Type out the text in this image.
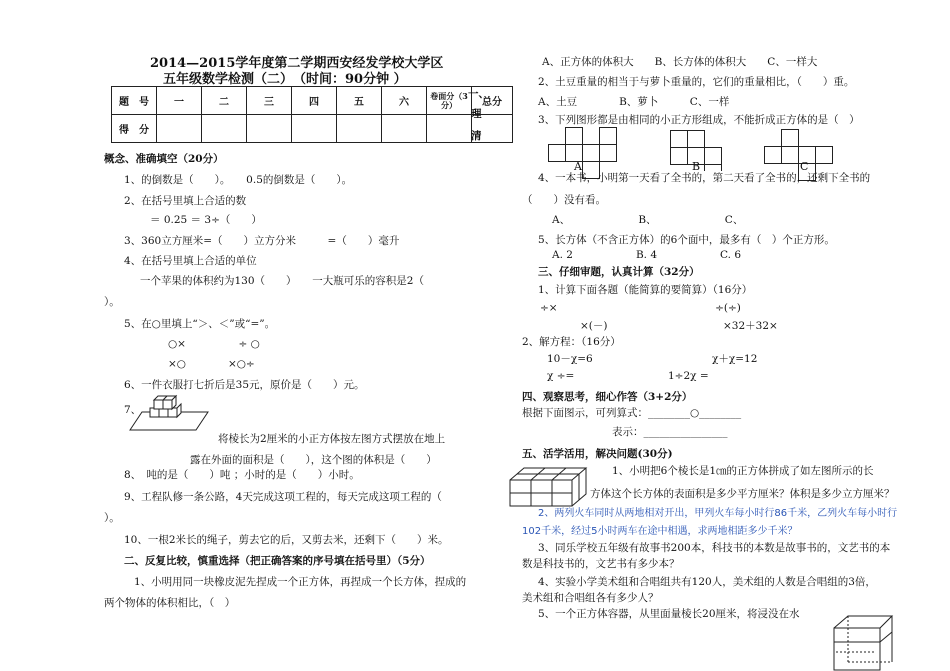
2014—2015学年度第二学期西安经发学校大学区
五年级数学检测（二）　（时间：90分钟 ）
题　号	一	二	三	四	五	六	卷面分（3分）	总分
得　分								
一、
理
清
概念、准确填空（20分）
1、的倒数是（　　）。　　0.5的倒数是（　　）。
2、在括号里填上合适的数
＝ 0.25 ＝ 3÷（　　）
3、360立方厘米=（　　）立方分米　　　=（　　）毫升
4、在括号里填上合适的单位
一个苹果的体积约为130（　　）　　一大瓶可乐的容积是2（
）。
5、在○里填上“＞、＜”或“=”。
○×　　　　　÷ ○
×○　　　　×○÷
6、一件衣服打七折后是35元，原价是（　　）元。
7、
将棱长为2厘米的小正方体按左图方式摆放在地上
露在外面的面积是（　　），这个图的体积是（　　）
8、　吨的是（　　）吨 ；小时的是（　　）小时。
9、工程队修一条公路，4天完成这项工程的，每天完成这项工程的（
）。
10、一根2米长的绳子，剪去它的后，又剪去米，还剩下（　　）米。
二、反复比较，慎重选择（把正确答案的序号填在括号里）（5分）
1、小明用同一块橡皮泥先捏成一个正方体，再捏成一个长方体，捏成的
两个物体的体积相比，（　）
A、正方体的体积大　　B、长方体的体积大　　C、一样大
2、土豆重量的相当于与萝卜重量的，它们的重量相比，（　　）重。
A、土豆　　　　B、萝卜　　　C、一样
3、下列图形都是由相同的小正方形组成，不能折成正方体的是（　）
A	B	C
4、一本书，小明第一天看了全书的，第二天看了全书的，还剩下全书的
（　　）没有看。
A、　　　　　　　B、　　　　　　　C、
5、长方体（不含正方体）的6个面中，最多有（　）个正方形。
A. 2　　　　　　B. 4　　　　　　C. 6
三、仔细审题，认真计算（32分）
1、计算下面各题（能简算的要简算）（16分）
÷×　　　　　　　　　　　　　　　÷(÷)
×(－)　　　　　　　　　　　×32＋32×
2、解方程：（16分）
10－χ=6	χ＋χ=12
χ ÷=	1÷2χ =
四、观察思考，细心作答（3+2分）
根据下面图示，可列算式：________○________
表示：________________
五、活学活用，解决问题(30分)
1、小明把6个棱长是1㎝的正方体拼成了如左图所示的长
方体这个长方体的表面积是多少平方厘米？体积是多少立方厘米？
2、两列火车同时从两地相对开出，甲列火车每小时行86千米，乙列火车每小时行
102千米，经过5小时两车在途中相遇，求两地相距多少千米？
3、同乐学校五年级有故事书200本，科技书的本数是故事书的，文艺书的本
数是科技书的，文艺书有多少本？
4、实验小学美术组和合唱组共有120人，美术组的人数是合唱组的3倍，
美术组和合唱组各有多少人？
5、一个正方体容器，从里面量棱长20厘米，将浸没在水
